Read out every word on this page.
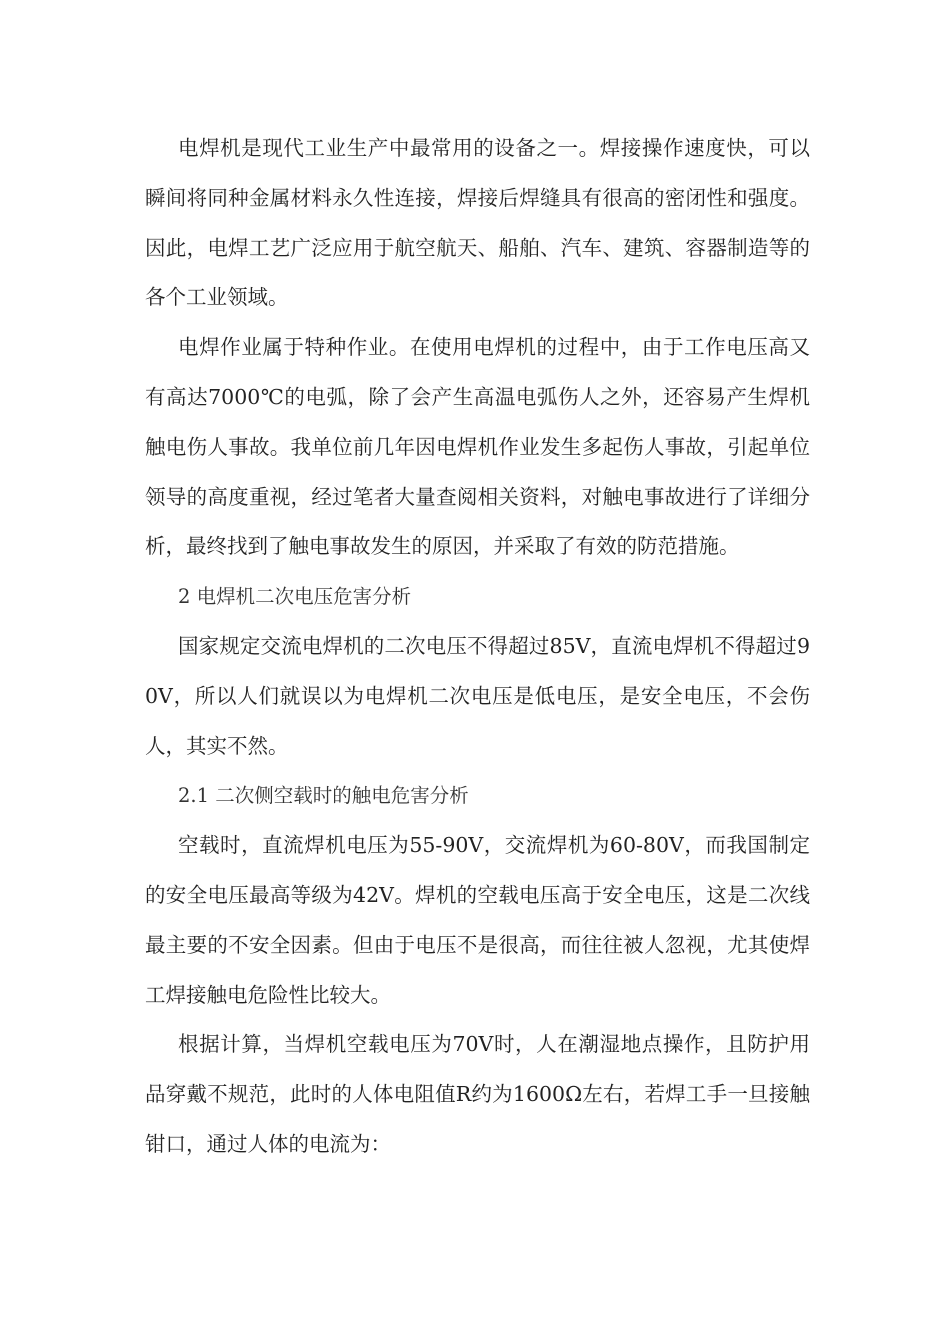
电焊机是现代工业生产中最常用的设备之一。焊接操作速度快，可以瞬间将同种金属材料永久性连接，焊接后焊缝具有很高的密闭性和强度。因此，电焊工艺广泛应用于航空航天、船舶、汽车、建筑、容器制造等的各个工业领域。

电焊作业属于特种作业。在使用电焊机的过程中，由于工作电压高又有高达7000℃的电弧，除了会产生高温电弧伤人之外，还容易产生焊机触电伤人事故。我单位前几年因电焊机作业发生多起伤人事故，引起单位领导的高度重视，经过笔者大量查阅相关资料，对触电事故进行了详细分析，最终找到了触电事故发生的原因，并采取了有效的防范措施。

2 电焊机二次电压危害分析

国家规定交流电焊机的二次电压不得超过85V，直流电焊机不得超过90V，所以人们就误以为电焊机二次电压是低电压，是安全电压，不会伤人，其实不然。

2.1 二次侧空载时的触电危害分析

空载时，直流焊机电压为55-90V，交流焊机为60-80V，而我国制定的安全电压最高等级为42V。焊机的空载电压高于安全电压，这是二次线最主要的不安全因素。但由于电压不是很高，而往往被人忽视，尤其使焊工焊接触电危险性比较大。

根据计算，当焊机空载电压为70V时，人在潮湿地点操作，且防护用品穿戴不规范，此时的人体电阻值R约为1600Ω左右，若焊工手一旦接触钳口，通过人体的电流为：
